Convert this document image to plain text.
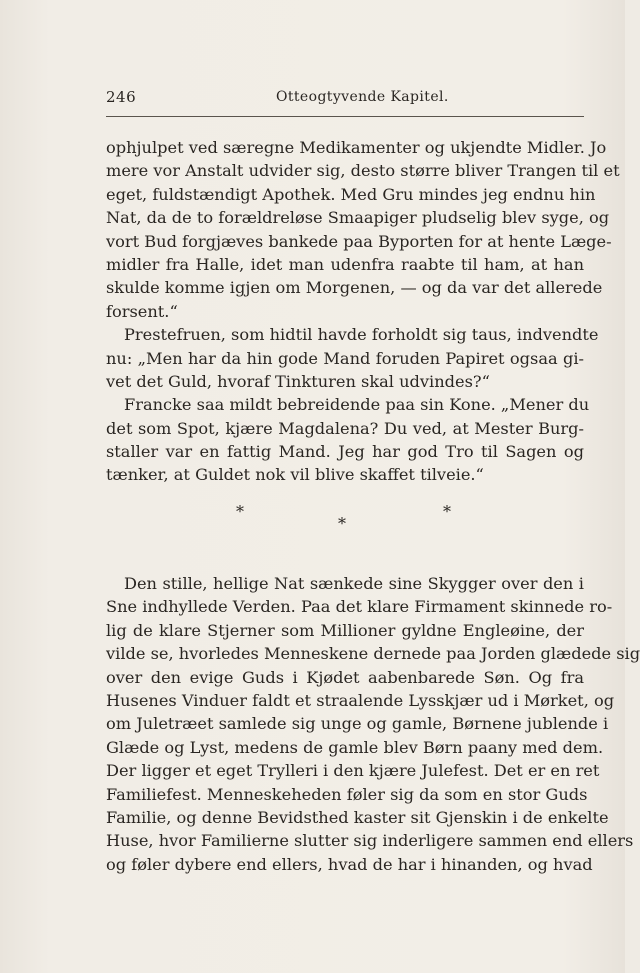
246	Otteogtyvende Kapitel.
ophjulpet ved særegne Medikamenter og ukjendte Midler. Jo
mere vor Anstalt udvider sig, desto større bliver Trangen til et
eget, fuldstændigt Apothek. Med Gru mindes jeg endnu hin
Nat, da de to forældreløse Smaapiger pludselig blev syge, og
vort Bud forgjæves bankede paa Byporten for at hente Læge-
midler fra Halle, idet man udenfra raabte til ham, at han
skulde komme igjen om Morgenen, — og da var det allerede
forsent.“
Prestefruen, som hidtil havde forholdt sig taus, indvendte
nu: „Men har da hin gode Mand foruden Papiret ogsaa gi-
vet det Guld, hvoraf Tinkturen skal udvindes?“
Francke saa mildt bebreidende paa sin Kone. „Mener du
det som Spot, kjære Magdalena? Du ved, at Mester Burg-
staller var en fattig Mand. Jeg har god Tro til Sagen og
tænker, at Guldet nok vil blive skaffet tilveie.“
*
*
*
Den stille, hellige Nat sænkede sine Skygger over den i
Sne indhyllede Verden. Paa det klare Firmament skinnede ro-
lig de klare Stjerner som Millioner gyldne Engleøine, der
vilde se, hvorledes Menneskene dernede paa Jorden glædede sig
over den evige Guds i Kjødet aabenbarede Søn. Og fra
Husenes Vinduer faldt et straalende Lysskjær ud i Mørket, og
om Juletræet samlede sig unge og gamle, Børnene jublende i
Glæde og Lyst, medens de gamle blev Børn paany med dem.
Der ligger et eget Trylleri i den kjære Julefest. Det er en ret
Familiefest. Menneskeheden føler sig da som en stor Guds
Familie, og denne Bevidsthed kaster sit Gjenskin i de enkelte
Huse, hvor Familierne slutter sig inderligere sammen end ellers
og føler dybere end ellers, hvad de har i hinanden, og hvad
